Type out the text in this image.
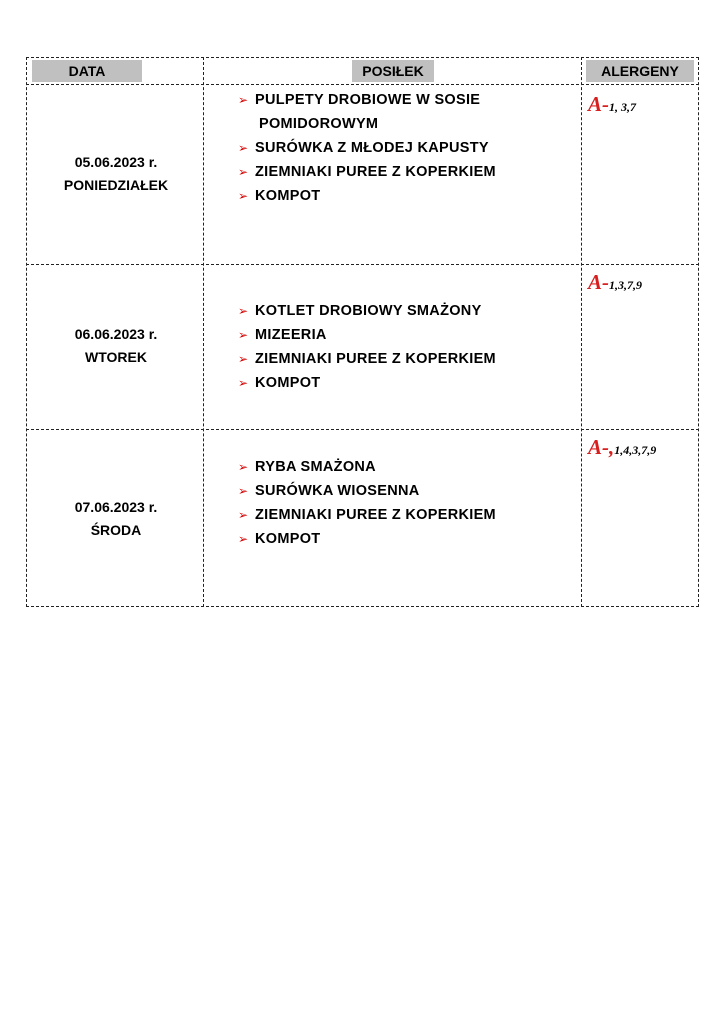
DATA	POSIŁEK	ALERGENY
05.06.2023 r.
PONIEDZIAŁEK
➢ PULPETY DROBIOWE W SOSIE
POMIDOROWYM
➢ SURÓWKA Z MŁODEJ KAPUSTY
➢ ZIEMNIAKI PUREE Z KOPERKIEM
➢ KOMPOT
A-1, 3,7
06.06.2023 r.
WTOREK
➢ KOTLET DROBIOWY SMAŻONY
➢ MIZEERIA
➢ ZIEMNIAKI PUREE Z KOPERKIEM
➢ KOMPOT
A-1,3,7,9
07.06.2023 r.
ŚRODA
➢ RYBA SMAŻONA
➢ SURÓWKA WIOSENNA
➢ ZIEMNIAKI PUREE Z KOPERKIEM
➢ KOMPOT
A-,1,4,3,7,9
